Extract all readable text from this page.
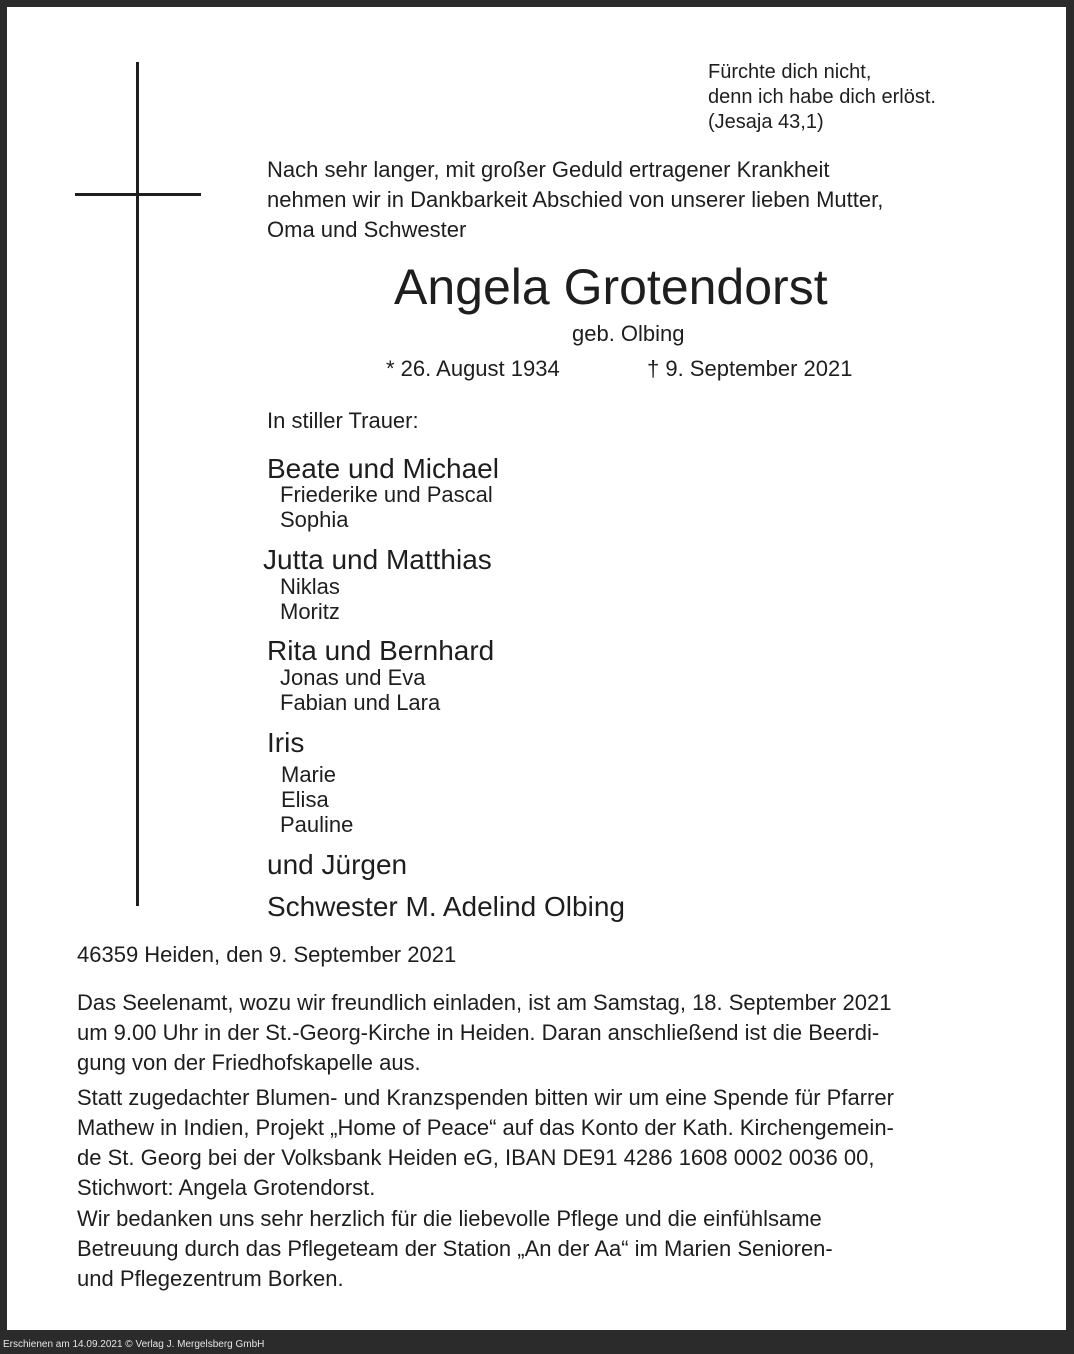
Fürchte dich nicht,
denn ich habe dich erlöst.
(Jesaja 43,1)
Nach sehr langer, mit großer Geduld ertragener Krankheit
nehmen wir in Dankbarkeit Abschied von unserer lieben Mutter,
Oma und Schwester
Angela Grotendorst
geb. Olbing
* 26. August 1934	† 9. September 2021
In stiller Trauer:
Beate und Michael
Friederike und Pascal
Sophia
Jutta und Matthias
Niklas
Moritz
Rita und Bernhard
Jonas und Eva
Fabian und Lara
Iris
Marie
Elisa
Pauline
und Jürgen
Schwester M. Adelind Olbing
46359 Heiden, den 9. September 2021
Das Seelenamt, wozu wir freundlich einladen, ist am Samstag, 18. September 2021
um 9.00 Uhr in der St.-Georg-Kirche in Heiden. Daran anschließend ist die Beerdi-
gung von der Friedhofskapelle aus.
Statt zugedachter Blumen- und Kranzspenden bitten wir um eine Spende für Pfarrer
Mathew in Indien, Projekt „Home of Peace“ auf das Konto der Kath. Kirchengemein-
de St. Georg bei der Volksbank Heiden eG, IBAN DE91 4286 1608 0002 0036 00,
Stichwort: Angela Grotendorst.
Wir bedanken uns sehr herzlich für die liebevolle Pflege und die einfühlsame
Betreuung durch das Pflegeteam der Station „An der Aa“ im Marien Senioren-
und Pflegezentrum Borken.
Erschienen am 14.09.2021 © Verlag J. Mergelsberg GmbH
